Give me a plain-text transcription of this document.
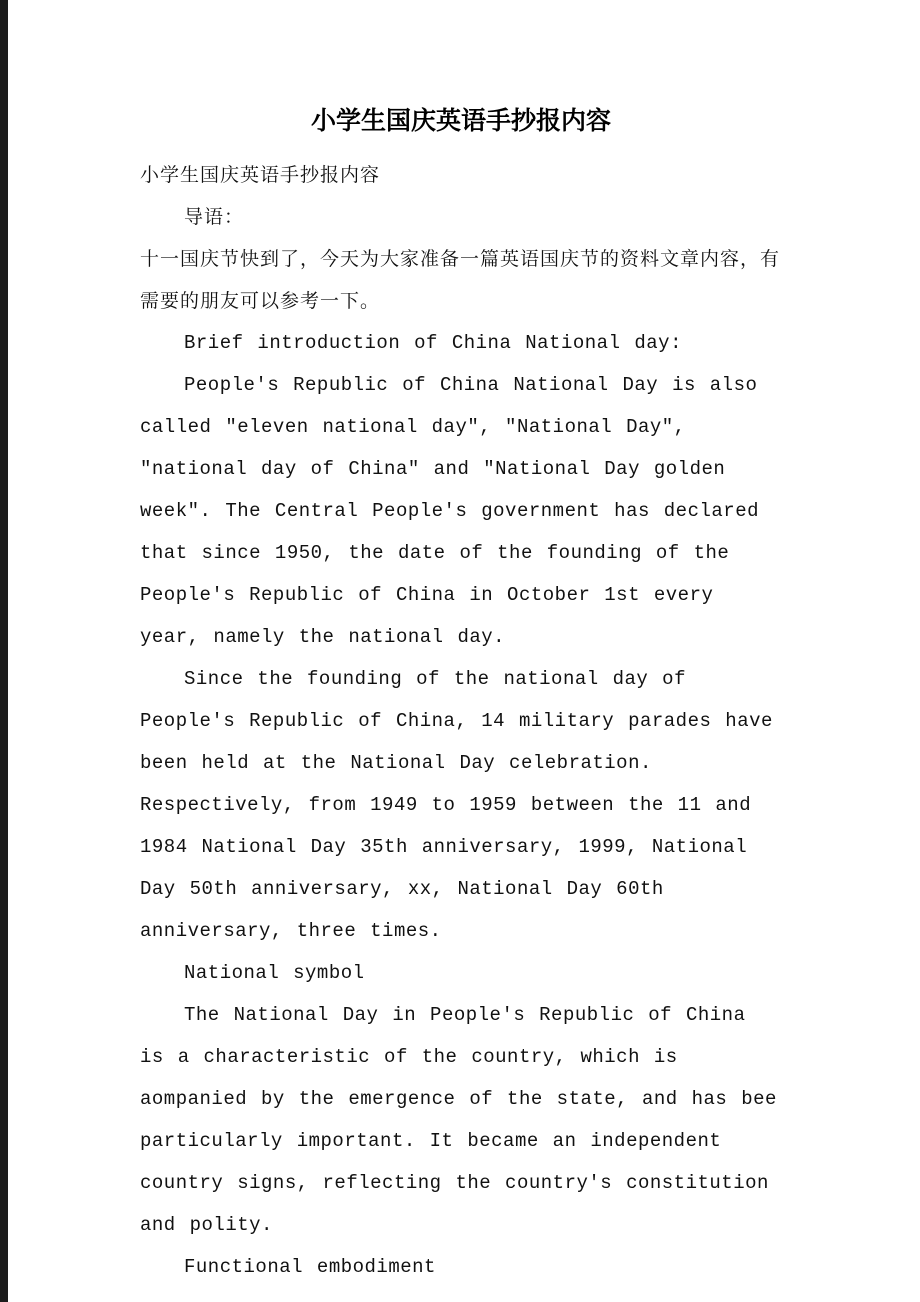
小学生国庆英语手抄报内容

小学生国庆英语手抄报内容

导语：

十一国庆节快到了，今天为大家准备一篇英语国庆节的资料文章内容，有需要的朋友可以参考一下。

Brief introduction of China National day:

People's Republic of China National Day is also called "eleven national day", "National Day", "national day of China" and "National Day golden week". The Central People's government has declared that since 1950, the date of the founding of the People's Republic of China in October 1st every year, namely the national day.

Since the founding of the national day of People's Republic of China, 14 military parades have been held at the National Day celebration. Respectively, from 1949 to 1959 between the 11 and 1984 National Day 35th anniversary, 1999, National Day 50th anniversary, xx, National Day 60th anniversary, three times.

National symbol

The National Day in People's Republic of China is a characteristic of the country, which is aompanied by the emergence of the state, and has bee particularly important. It became an independent country signs, reflecting the country's constitution and polity.

Functional embodiment
